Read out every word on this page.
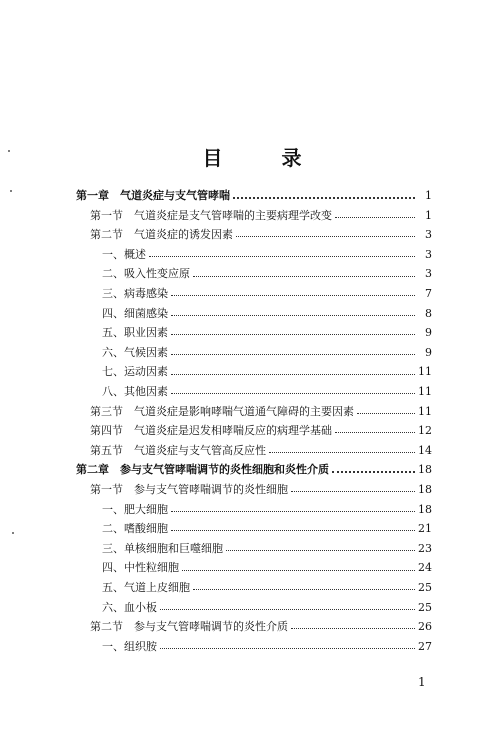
目 录
第一章　气道炎症与支气管哮喘	1
第一节　气道炎症是支气管哮喘的主要病理学改变	1
第二节　气道炎症的诱发因素	3
一、概述	3
二、吸入性变应原	3
三、病毒感染	7
四、细菌感染	8
五、职业因素	9
六、气候因素	9
七、运动因素	11
八、其他因素	11
第三节　气道炎症是影响哮喘气道通气障碍的主要因素	11
第四节　气道炎症是迟发相哮喘反应的病理学基础	12
第五节　气道炎症与支气管高反应性	14
第二章　参与支气管哮喘调节的炎性细胞和炎性介质	18
第一节　参与支气管哮喘调节的炎性细胞	18
一、肥大细胞	18
二、嗜酸细胞	21
三、单核细胞和巨噬细胞	23
四、中性粒细胞	24
五、气道上皮细胞	25
六、血小板	25
第二节　参与支气管哮喘调节的炎性介质	26
一、组织胺	27
1
